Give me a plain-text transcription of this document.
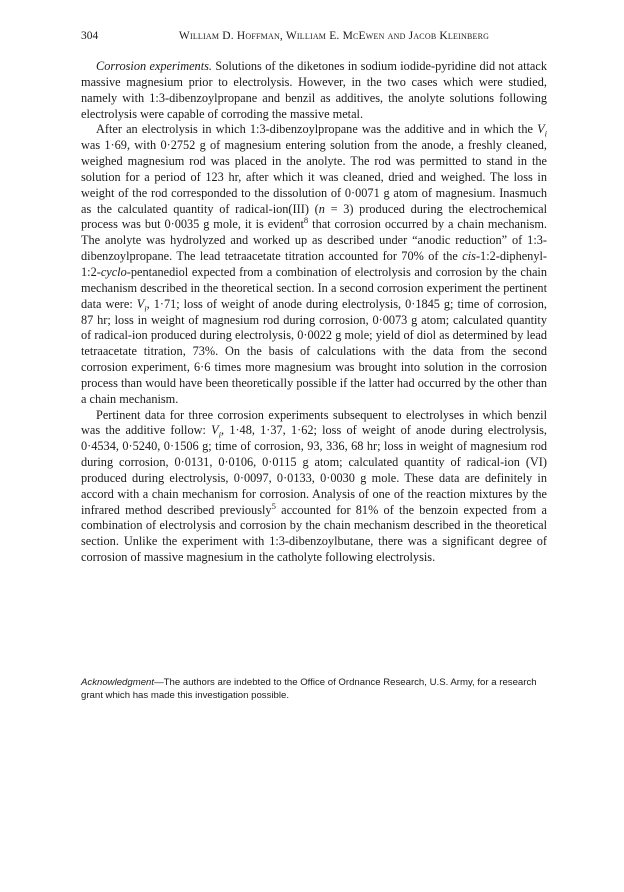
304	William D. Hoffman, William E. McEwen and Jacob Kleinberg

Corrosion experiments. Solutions of the diketones in sodium iodide-pyridine did not attack massive magnesium prior to electrolysis. However, in the two cases which were studied, namely with 1:3-dibenzoylpropane and benzil as additives, the anolyte solutions following electrolysis were capable of corroding the massive metal.

After an electrolysis in which 1:3-dibenzoylpropane was the additive and in which the $V_i$ was 1·69, with 0·2752 g of magnesium entering solution from the anode, a freshly cleaned, weighed magnesium rod was placed in the anolyte. The rod was permitted to stand in the solution for a period of 123 hr, after which it was cleaned, dried and weighed. The loss in weight of the rod corresponded to the dissolution of 0·0071 g atom of magnesium. Inasmuch as the calculated quantity of radical-ion(III) (n = 3) produced during the electrochemical process was but 0·0035 g mole, it is evident$^8$ that corrosion occurred by a chain mechanism. The anolyte was hydrolyzed and worked up as described under “anodic reduction” of 1:3-dibenzoylpropane. The lead tetraacetate titration accounted for 70% of the cis-1:2-diphenyl-1:2-cyclo-pentanediol expected from a combination of electrolysis and corrosion by the chain mechanism described in the theoretical section. In a second corrosion experiment the pertinent data were: $V_i$, 1·71; loss of weight of anode during electrolysis, 0·1845 g; time of corrosion, 87 hr; loss in weight of magnesium rod during corrosion, 0·0073 g atom; calculated quantity of radical-ion produced during electrolysis, 0·0022 g mole; yield of diol as determined by lead tetraacetate titration, 73%. On the basis of calculations with the data from the second corrosion experiment, 6·6 times more magnesium was brought into solution in the corrosion process than would have been theoretically possible if the latter had occurred by the other than a chain mechanism.

Pertinent data for three corrosion experiments subsequent to electrolyses in which benzil was the additive follow: $V_i$, 1·48, 1·37, 1·62; loss of weight of anode during electrolysis, 0·4534, 0·5240, 0·1506 g; time of corrosion, 93, 336, 68 hr; loss in weight of magnesium rod during corrosion, 0·0131, 0·0106, 0·0115 g atom; calculated quantity of radical-ion (VI) produced during electrolysis, 0·0097, 0·0133, 0·0030 g mole. These data are definitely in accord with a chain mechanism for corrosion. Analysis of one of the reaction mixtures by the infrared method described previously$^5$ accounted for 81% of the benzoin expected from a combination of electrolysis and corrosion by the chain mechanism described in the theoretical section. Unlike the experiment with 1:3-dibenzoylbutane, there was a significant degree of corrosion of massive magnesium in the catholyte following electrolysis.

Acknowledgment—The authors are indebted to the Office of Ordnance Research, U.S. Army, for a research grant which has made this investigation possible.
